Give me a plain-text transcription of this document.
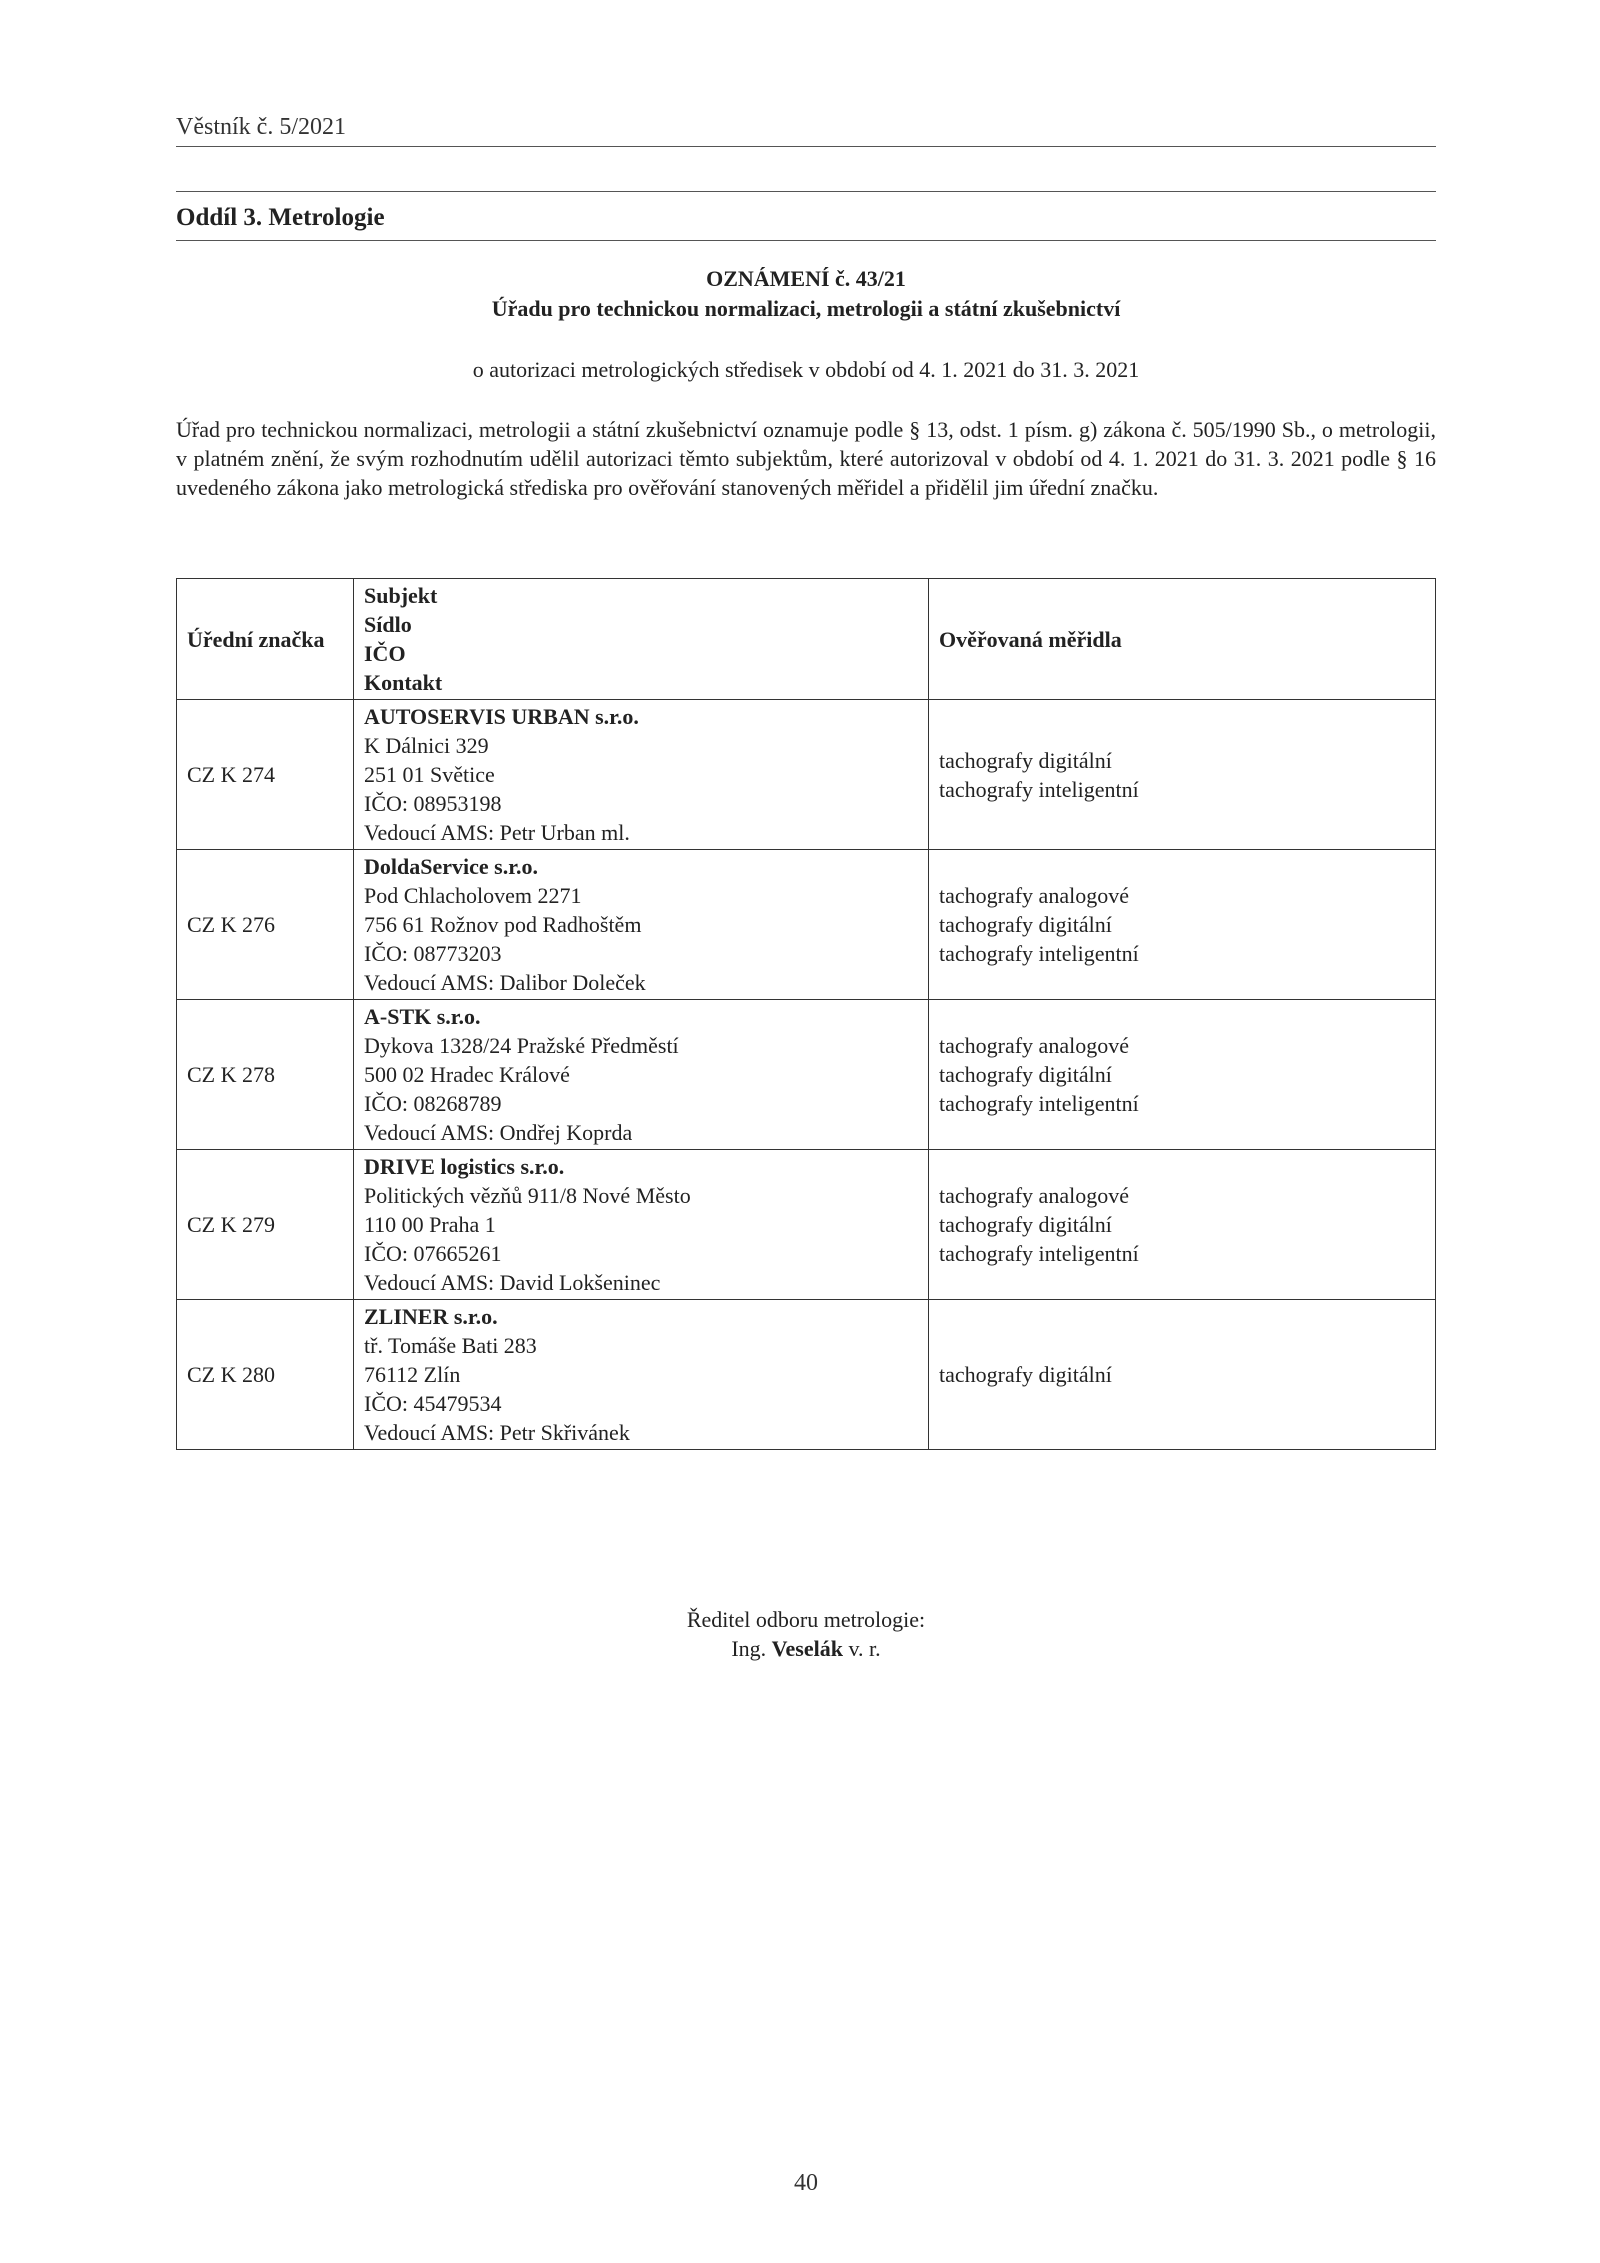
Věstník č. 5/2021
Oddíl 3. Metrologie
OZNÁMENÍ č. 43/21
Úřadu pro technickou normalizaci, metrologii a státní zkušebnictví
o autorizaci metrologických středisek v období od 4. 1. 2021 do 31. 3. 2021

Úřad pro technickou normalizaci, metrologii a státní zkušebnictví oznamuje podle § 13, odst. 1 písm. g) zákona č. 505/1990 Sb., o metrologii, v platném znění, že svým rozhodnutím udělil autorizaci těmto subjektům, které autorizoval v období od 4. 1. 2021 do 31. 3. 2021 podle § 16 uvedeného zákona jako metrologická střediska pro ověřování stanovených měřidel a přidělil jim úřední značku.

Úřední značka	Subjekt
Sídlo
IČO
Kontakt	Ověřovaná měřidla
CZ K 274	AUTOSERVIS URBAN s.r.o.
K Dálnici 329
251 01 Světice
IČO: 08953198
Vedoucí AMS: Petr Urban ml.	tachografy digitální
tachografy inteligentní

CZ K 276	DoldaService s.r.o.
Pod Chlacholovem 2271
756 61 Rožnov pod Radhoštěm
IČO: 08773203
Vedoucí AMS: Dalibor Doleček	tachografy analogové
tachografy digitální
tachografy inteligentní

CZ K 278	A-STK s.r.o.
Dykova 1328/24 Pražské Předměstí
500 02 Hradec Králové
IČO: 08268789
Vedoucí AMS: Ondřej Koprda	tachografy analogové
tachografy digitální
tachografy inteligentní

CZ K 279	DRIVE logistics s.r.o.
Politických vězňů 911/8 Nové Město
110 00 Praha 1
IČO: 07665261
Vedoucí AMS: David Lokšeninec	tachografy analogové
tachografy digitální
tachografy inteligentní

CZ K 280	ZLINER s.r.o.
tř. Tomáše Bati 283
76112 Zlín
IČO: 45479534
Vedoucí AMS: Petr Skřivánek	tachografy digitální
Ředitel odboru metrologie:
Ing. Veselák v. r.
40
